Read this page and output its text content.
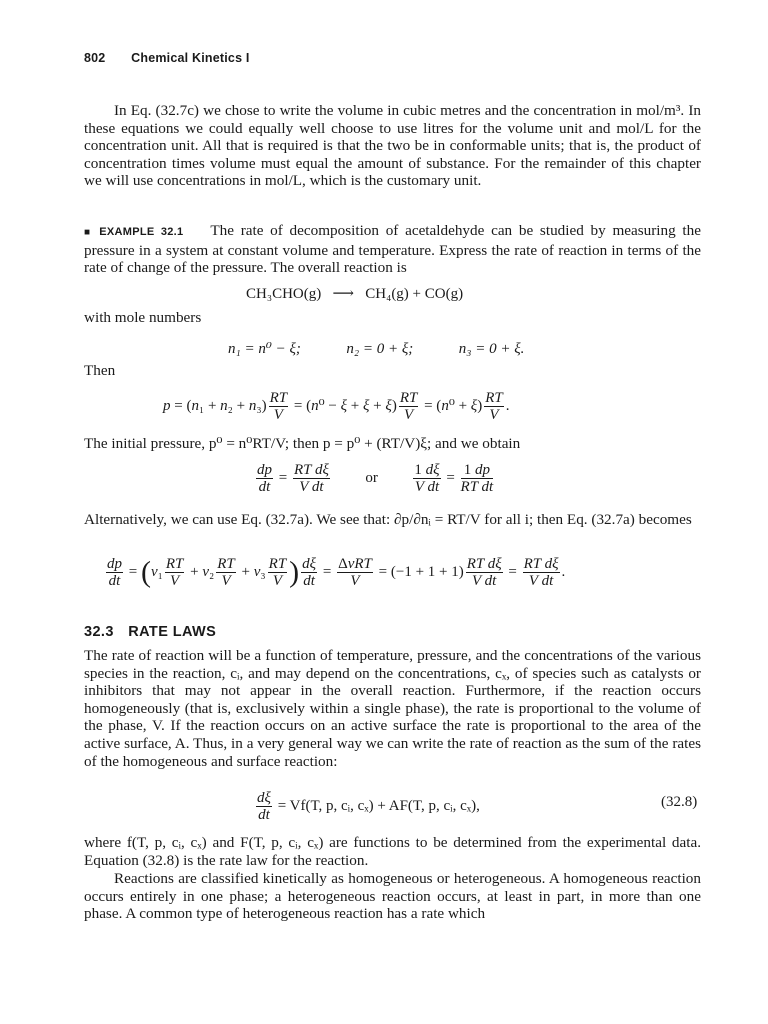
802 Chemical Kinetics I

In Eq. (32.7c) we chose to write the volume in cubic metres and the concentration in mol/m³. In these equations we could equally well choose to use litres for the volume unit and mol/L for the concentration unit. All that is required is that the two be in conformable units; that is, the product of concentration times volume must equal the amount of substance. For the remainder of this chapter we will use concentrations in mol/L, which is the customary unit.

■ EXAMPLE 32.1 The rate of decomposition of acetaldehyde can be studied by measuring the pressure in a system at constant volume and temperature. Express the rate of reaction in terms of the rate of change of the pressure. The overall reaction is

CH₃CHO(g) ⟶ CH₄(g) + CO(g)

with mole numbers

n₁ = n⁰ − ξ;	n₂ = 0 + ξ;	n₃ = 0 + ξ.

Then

$p = (n_1 + n_2 + n_3) \frac{RT}{V} = (n^0 - \xi + \xi + \xi) \frac{RT}{V} = (n^0 + \xi) \frac{RT}{V}$ .

The initial pressure, p⁰ = n⁰RT/V; then p = p⁰ + (RT/V)ξ; and we obtain

$\frac{dp}{dt} = \frac{\text{RT dξ}}{\text{V dt}}$ or $\frac{1 d\xi}{\text{V dt}} = \frac{1 dp}{\text{RT dt}}$

Alternatively, we can use Eq. (32.7a). We see that: ∂p/∂nᵢ = RT/V for all i; then Eq. (32.7a) becomes

$\frac{dp}{dt} = (\nu_1 \frac{RT}{V} + \nu_2 \frac{RT}{V} + \nu_3 \frac{RT}{V}$ ) $\frac{d\xi}{dt} = \frac{\text{ΔνRT}}{V} = (-1 + 1 + 1) \frac{\text{RT dξ}}{\text{V dt}} = \frac{\text{RT dξ}}{\text{V dt}}$ .
32.3 RATE LAWS

The rate of reaction will be a function of temperature, pressure, and the concentrations of the various species in the reaction, cᵢ, and may depend on the concentrations, cₓ, of species such as catalysts or inhibitors that may not appear in the overall reaction. Furthermore, if the reaction occurs homogeneously (that is, exclusively within a single phase), the rate is proportional to the volume of the phase, V. If the reaction occurs on an active surface the rate is proportional to the area of the active surface, A. Thus, in a very general way we can write the rate of reaction as the sum of the rates of the homogeneous and surface reaction:

$\frac{d\xi}{dt} = Vf(T$, p, cᵢ, cₓ) + AF(T, p, cᵢ, cₓ),	(32.8)

where f(T, p, cᵢ, cₓ) and F(T, p, cᵢ, cₓ) are functions to be determined from the experimental data. Equation (32.8) is the rate law for the reaction.

Reactions are classified kinetically as homogeneous or heterogeneous. A homogeneous reaction occurs entirely in one phase; a heterogeneous reaction occurs, at least in part, in more than one phase. A common type of heterogeneous reaction has a rate which
